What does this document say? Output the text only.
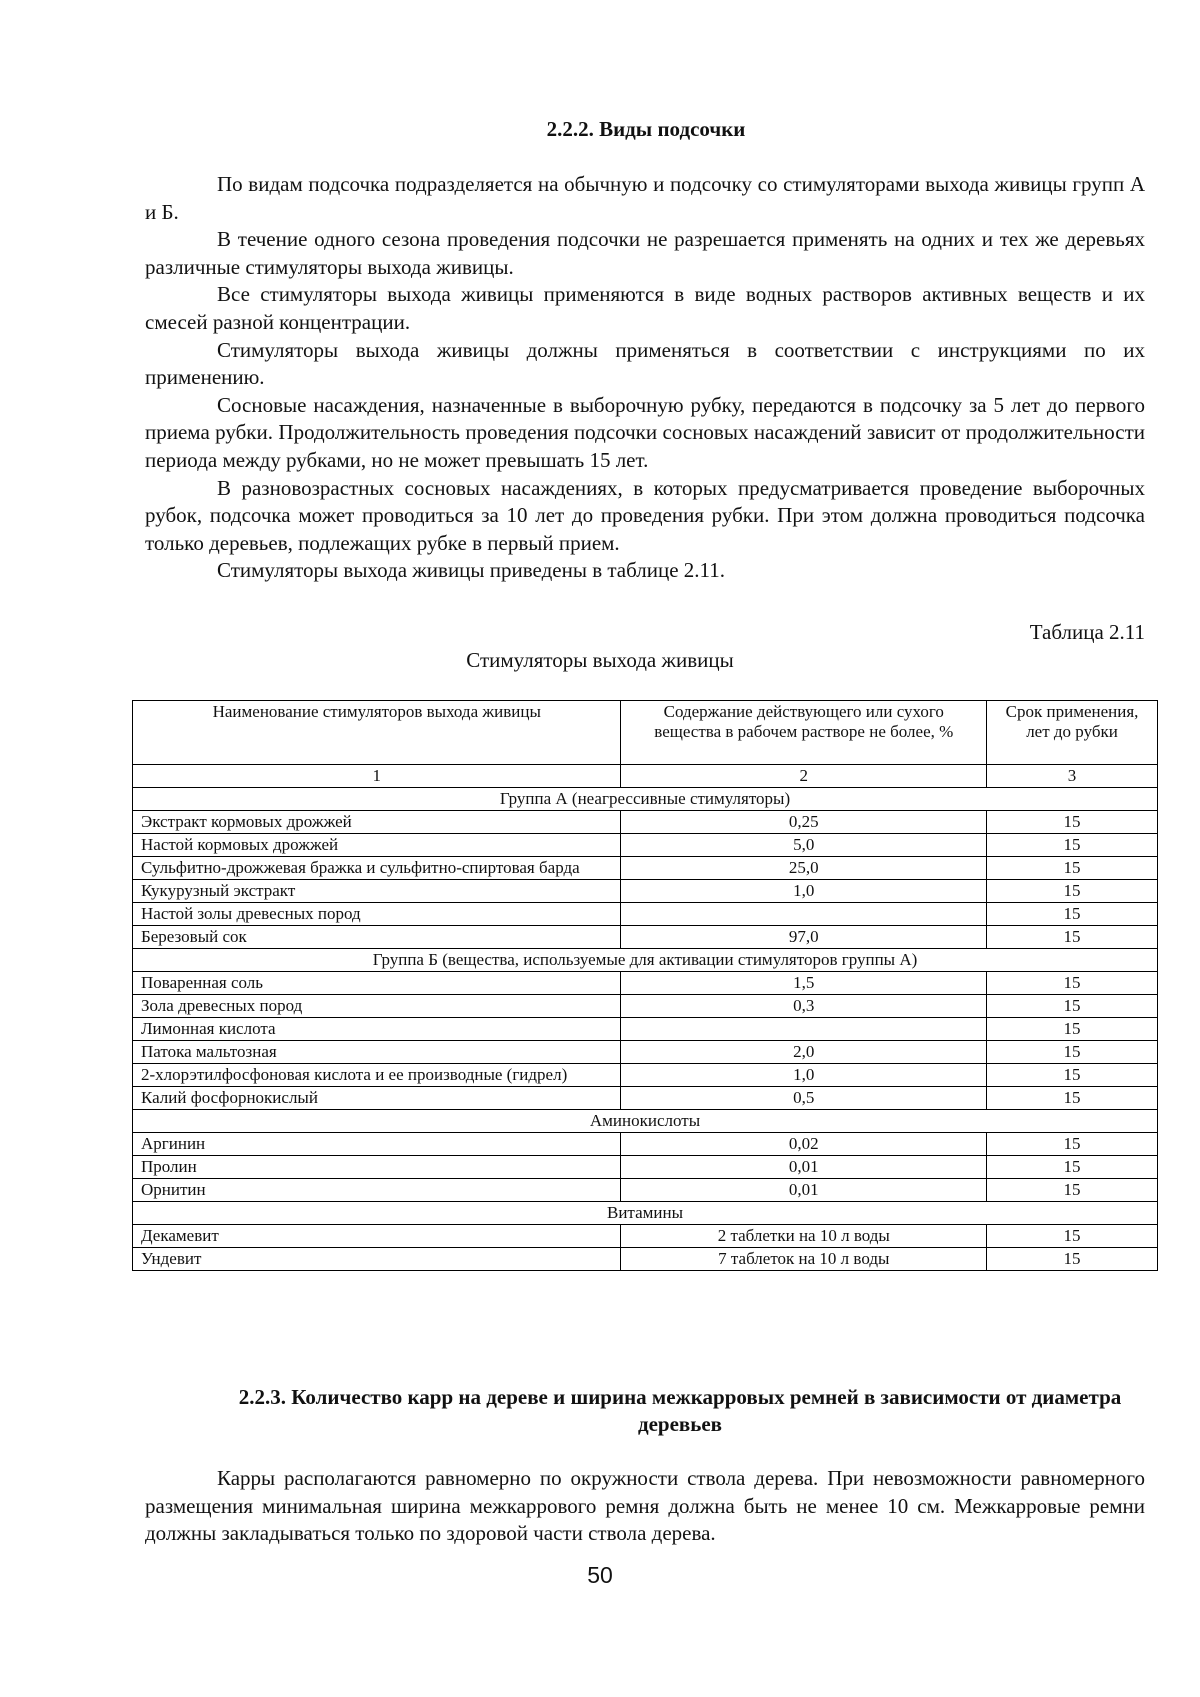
2.2.2. Виды подсочки

По видам подсочка подразделяется на обычную и подсочку со стимуляторами выхода живицы групп А и Б.

В течение одного сезона проведения подсочки не разрешается применять на одних и тех же деревьях различные стимуляторы выхода живицы.

Все стимуляторы выхода живицы применяются в виде водных растворов активных веществ и их смесей разной концентрации.

Стимуляторы выхода живицы должны применяться в соответствии с инструкциями по их применению.

Сосновые насаждения, назначенные в выборочную рубку, передаются в подсочку за 5 лет до первого приема рубки. Продолжительность проведения подсочки сосновых насаждений зависит от продолжительности периода между рубками, но не может превышать 15 лет.

В разновозрастных сосновых насаждениях, в которых предусматривается проведение выборочных рубок, подсочка может проводиться за 10 лет до проведения рубки. При этом должна проводиться подсочка только деревьев, подлежащих рубке в первый прием.

Стимуляторы выхода живицы приведены в таблице 2.11.

Таблица 2.11
Стимуляторы выхода живицы
Наименование стимуляторов выхода живицы	Содержание действующего или сухого вещества в рабочем растворе не более, %	Срок применения, лет до рубки
1	2	3
Группа А (неагрессивные стимуляторы)		
Экстракт кормовых дрожжей	0,25	15
Настой кормовых дрожжей	5,0	15
Сульфитно-дрожжевая бражка и сульфитно-спиртовая барда	25,0	15
Кукурузный экстракт	1,0	15
Настой золы древесных пород		15
Березовый сок	97,0	15
Группа Б (вещества, используемые для активации стимуляторов группы А)		
Поваренная соль	1,5	15
Зола древесных пород	0,3	15
Лимонная кислота		15
Патока мальтозная	2,0	15
2-хлорэтилфосфоновая кислота и ее производные (гидрел)	1,0	15
Калий фосфорнокислый	0,5	15
Аминокислоты		
Аргинин	0,02	15
Пролин	0,01	15
Орнитин	0,01	15
Витамины		
Декамевит	2 таблетки на 10 л воды	15
Ундевит	7 таблеток на 10 л воды	15
2.2.3. Количество карр на дереве и ширина межкарровых ремней в зависимости от диаметра деревьев

Карры располагаются равномерно по окружности ствола дерева. При невозможности равномерного размещения минимальная ширина межкаррового ремня должна быть не менее 10 см. Межкарровые ремни должны закладываться только по здоровой части ствола дерева.

50
